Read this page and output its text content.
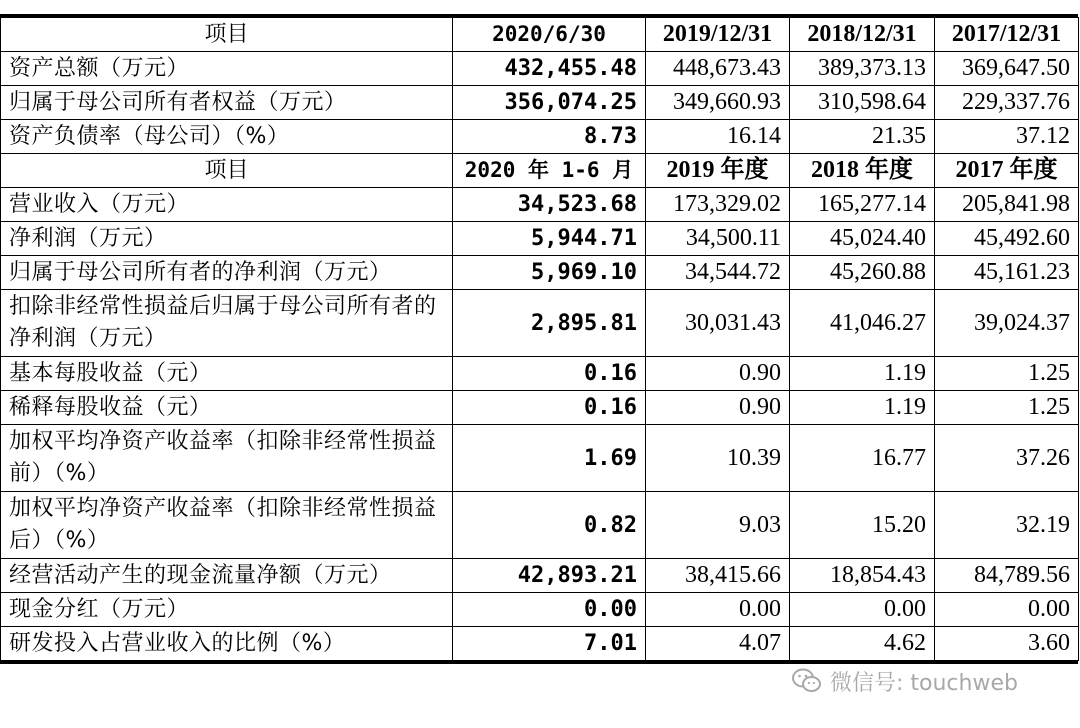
项目	2020/6/30	2019/12/31	2018/12/31	2017/12/31
资产总额（万元）	432,455.48	448,673.43	389,373.13	369,647.50
归属于母公司所有者权益（万元）	356,074.25	349,660.93	310,598.64	229,337.76
资产负债率（母公司）（%）	8.73	16.14	21.35	37.12
项目	2020 年 1-6 月	2019 年度	2018 年度	2017 年度
营业收入（万元）	34,523.68	173,329.02	165,277.14	205,841.98
净利润（万元）	5,944.71	34,500.11	45,024.40	45,492.60
归属于母公司所有者的净利润（万元）	5,969.10	34,544.72	45,260.88	45,161.23
扣除非经常性损益后归属于母公司所有者的净利润（万元）	2,895.81	30,031.43	41,046.27	39,024.37
基本每股收益（元）	0.16	0.90	1.19	1.25
稀释每股收益（元）	0.16	0.90	1.19	1.25
加权平均净资产收益率（扣除非经常性损益前）（%）	1.69	10.39	16.77	37.26
加权平均净资产收益率（扣除非经常性损益后）（%）	0.82	9.03	15.20	32.19
经营活动产生的现金流量净额（万元）	42,893.21	38,415.66	18,854.43	84,789.56
现金分红（万元）	0.00	0.00	0.00	0.00
研发投入占营业收入的比例（%）	7.01	4.07	4.62	3.60
微信号: touchweb
